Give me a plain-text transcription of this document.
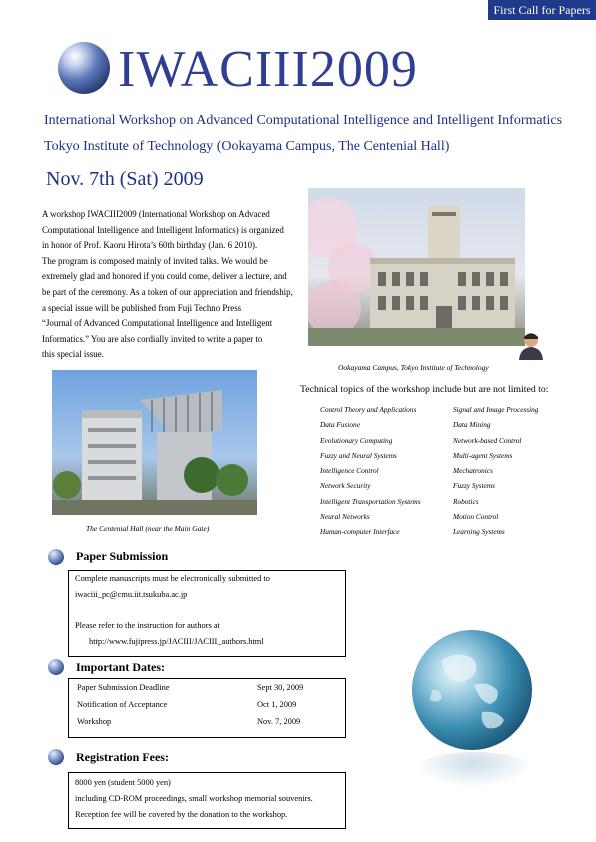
First Call for Papers
IWACIII2009
International Workshop on Advanced Computational Intelligence and Intelligent Informatics
Tokyo Institute of Technology (Ookayama Campus, The Centenial Hall)
Nov. 7th (Sat) 2009
A workshop IWACIII2009 (International Workshop on Advaced
Computational Intelligence and Intelligent Informatics) is organized
in honor of Prof. Kaoru Hirota’s 60th birthday (Jan. 6 2010).
The program is composed mainly of invited talks. We would be
extremely glad and honored if you could come, deliver a lecture, and
be part of the ceremony. As a token of our appreciation and friendship,
a special issue will be published from Fuji Techno Press
“Journal of Advanced Computational Intelligence and Intelligent
Informatics.” You are also cordially invited to write a paper to
this special issue.
Ookayama Campus, Tokyo Institute of Technology
The Centenial Hall (near the Main Gate)
Technical topics of the workshop include but are not limited to:
Control Theory and Applications
Data Fusione
Evolutionary Computing
Fuzzy and Neural Systems
Intelligence Control
Network Security
Intelligent Transportation Systems
Neural Networks
Human-computer Interface
Signal and Image Processing
Data Mining
Network-based Control
Multi-agent Systems
Mechatronics
Fuzzy Systems
Robotics
Motion Control
Learning Systems
Paper Submission
Complete manuscripts must be electronically submitted to
iwaciii_pc@cmu.iit.tsukuba.ac.jp
Please refer to the instruction for authors at
http://www.fujipress.jp/JACIII/JACIII_authors.html
Important Dates:
Paper Submission Deadline	Sept 30, 2009
Notification of Acceptance	Oct 1, 2009
Workshop	Nov. 7, 2009
Registration Fees:
8000 yen (student 5000 yen)
including CD-ROM proceedings, small workshop memorial souvenirs.
Reception fee will be covered by the donation to the workshop.
